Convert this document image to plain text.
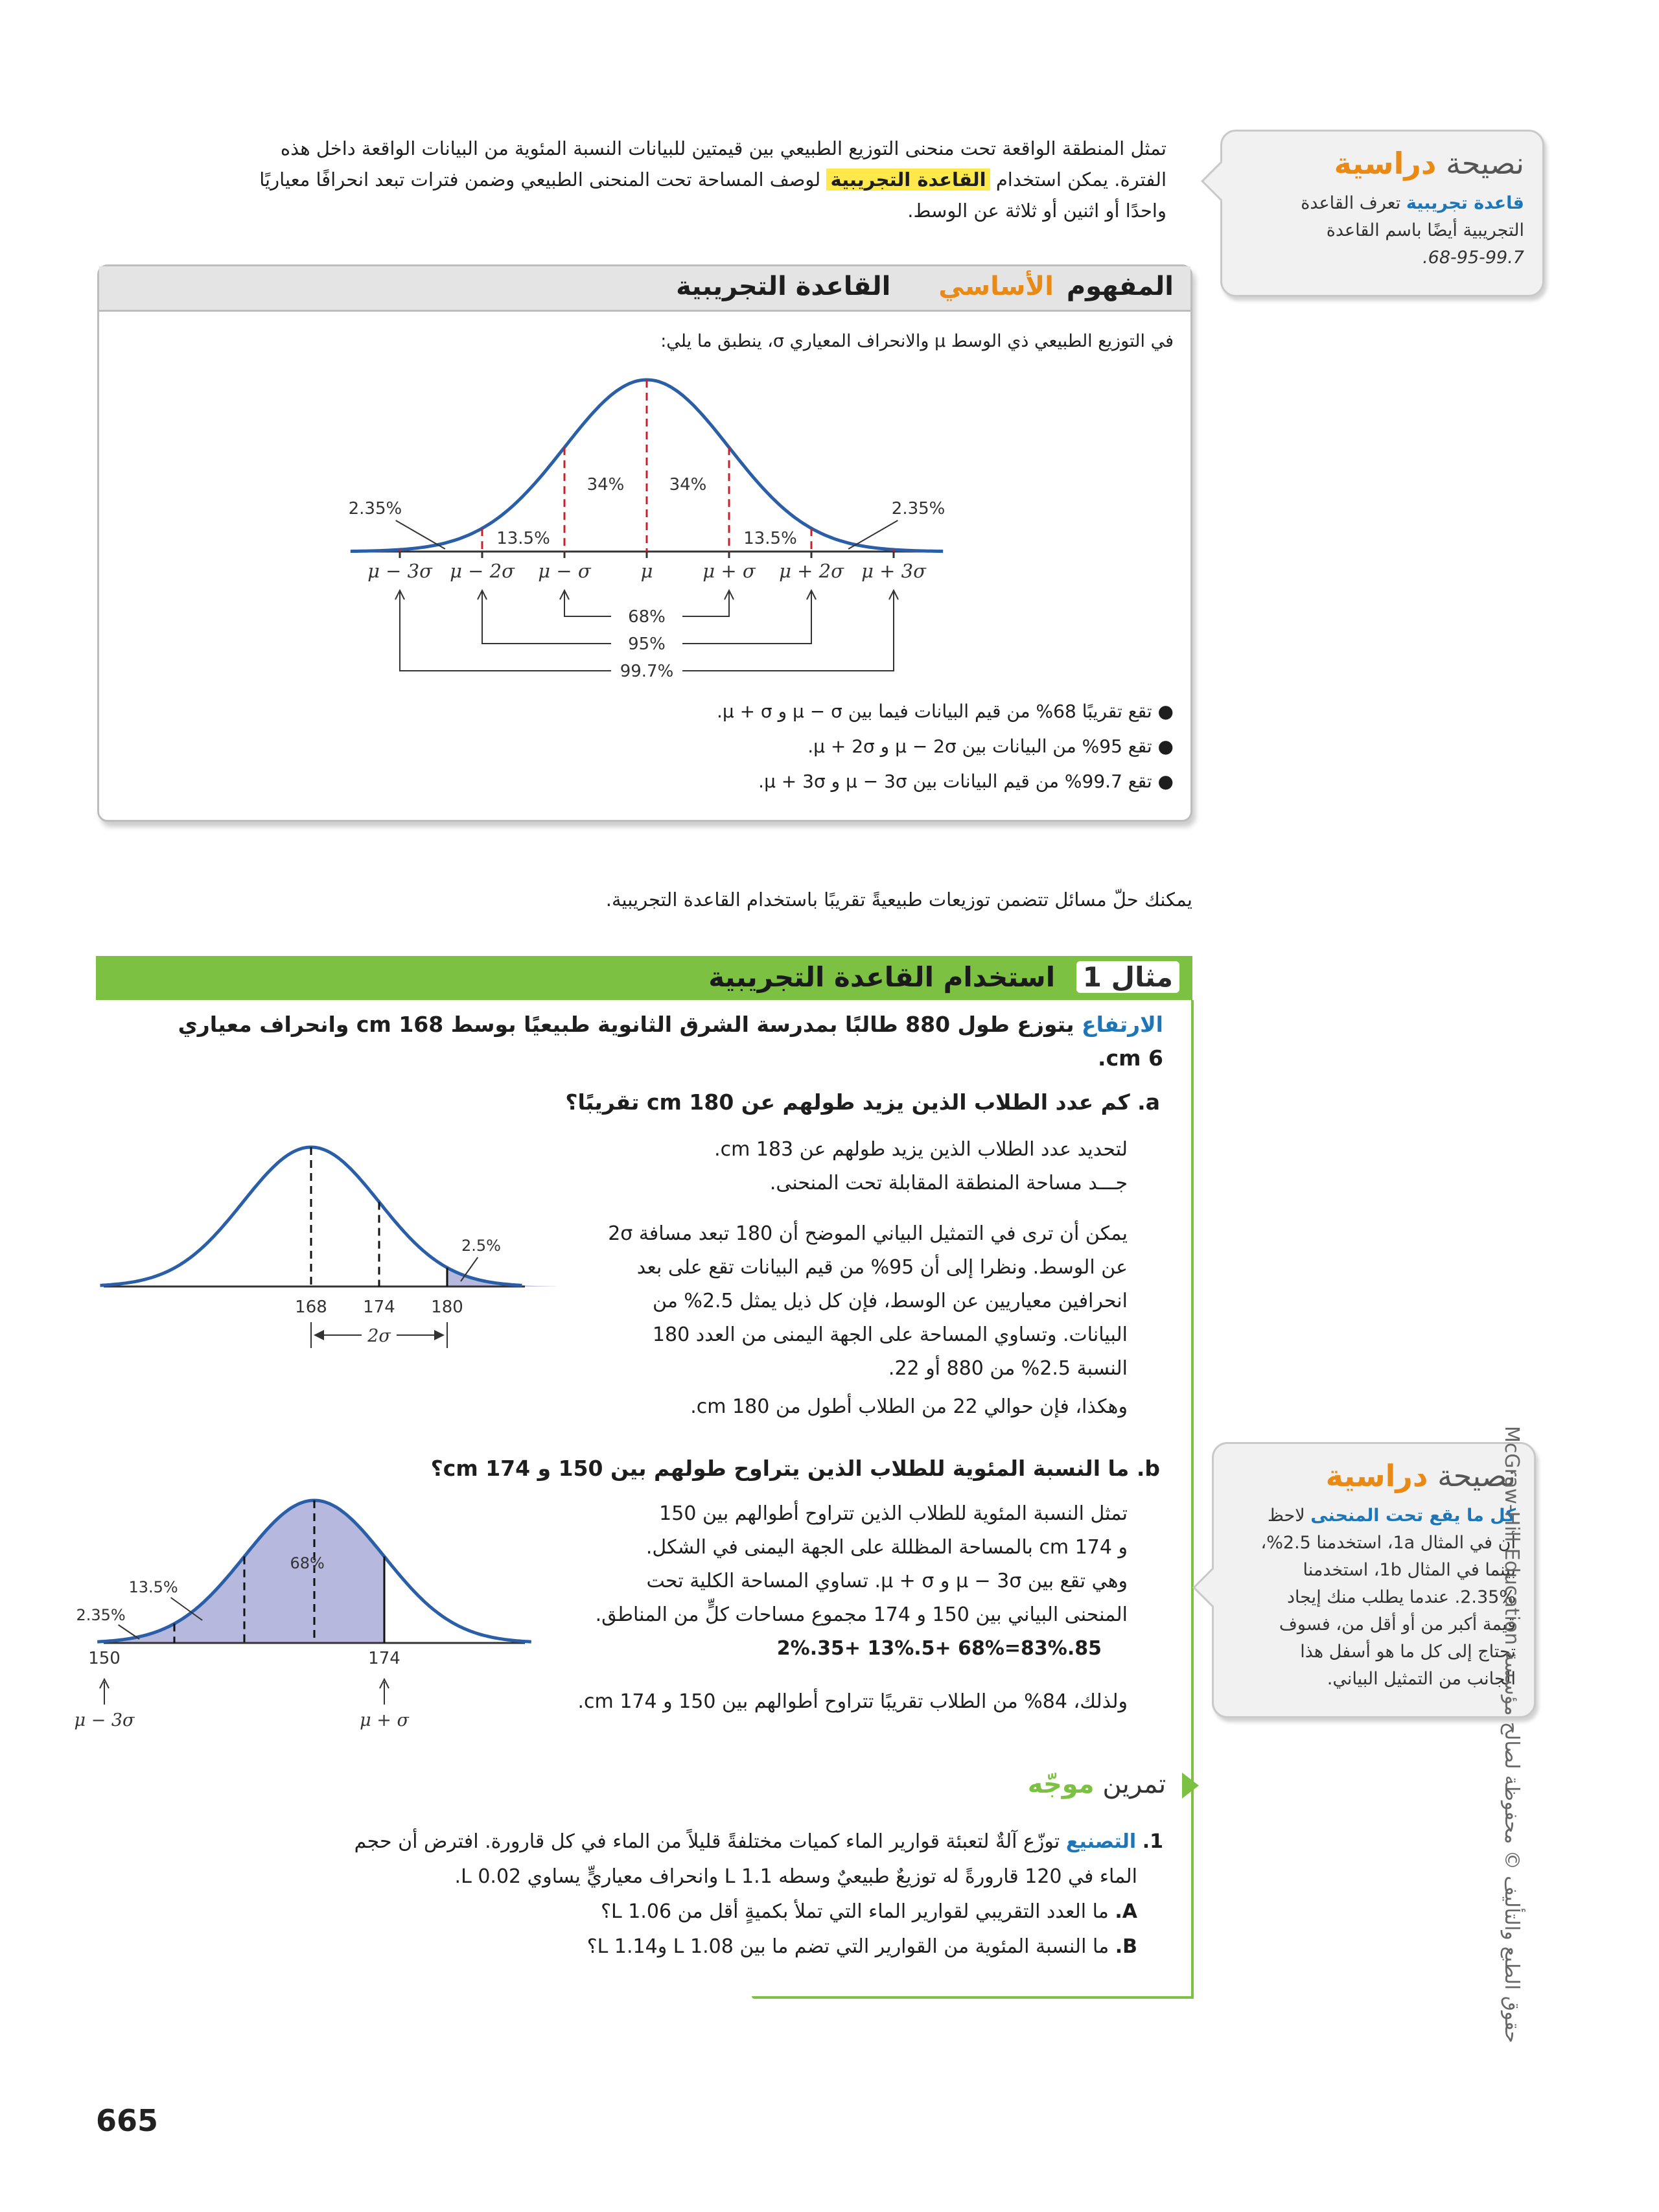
تمثل المنطقة الواقعة تحت منحنى التوزيع الطبيعي بين قيمتين للبيانات النسبة المئوية من البيانات الواقعة داخل هذه
الفترة. يمكن استخدام القاعدة التجريبية لوصف المساحة تحت المنحنى الطبيعي وضمن فترات تبعد انحرافًا معياريًا
واحدًا أو اثنين أو ثلاثة عن الوسط.
نصيحة دراسية
قاعدة تجريبية تعرف القاعدة
التجريبية أيضًا باسم القاعدة
68-95-99.7.
المفهوم الأساسي القاعدة التجريبية
في التوزيع الطبيعي ذي الوسط μ والانحراف المعياري σ، ينطبق ما يلي:
μ − 3σ μ − 2σ μ − σ	μ	μ + σ μ + 2σ μ + 3σ
34%	34%
13.5%	13.5%
2.35%	2.35%
68%
95%
99.7%
● تقع تقريبًا 68% من قيم البيانات فيما بين μ − σ و μ + σ.
● تقع 95% من البيانات بين μ − 2σ و μ + 2σ.
● تقع 99.7% من قيم البيانات بين μ − 3σ و μ + 3σ.
يمكنك حلّ مسائل تتضمن توزيعات طبيعيةً تقريبًا باستخدام القاعدة التجريبية.
مثال 1 استخدام القاعدة التجريبية
الارتفاع يتوزع طول 880 طالبًا بمدرسة الشرق الثانوية طبيعيًا بوسط 168 cm وانحراف معياري
6 cm.
a. كم عدد الطلاب الذين يزيد طولهم عن 180 cm تقريبًا؟
لتحديد عدد الطلاب الذين يزيد طولهم عن 183 cm.
جـــد مساحة المنطقة المقابلة تحت المنحنى.
يمكن أن ترى في التمثيل البياني الموضح أن 180 تبعد مسافة 2σ
عن الوسط. ونظرا إلى أن 95% من قيم البيانات تقع على بعد
انحرافين معياريين عن الوسط، فإن كل ذيل يمثل 2.5% من
البيانات. وتساوي المساحة على الجهة اليمنى من العدد 180
النسبة 2.5% من 880 أو 22.
وهكذا، فإن حوالي 22 من الطلاب أطول من 180 cm.
168 174 180
2.5%
2σ
b. ما النسبة المئوية للطلاب الذين يتراوح طولهم بين 150 و 174 cm؟
تمثل النسبة المئوية للطلاب الذين تتراوح أطوالهم بين 150
و 174 cm بالمساحة المظللة على الجهة اليمنى في الشكل.
وهي تقع بين μ − 3σ و μ + σ. تساوي المساحة الكلية تحت
المنحنى البياني بين 150 و 174 مجموع مساحات كلٍّ من المناطق.
2%.35+ 13%.5+ 68%=83%.85
ولذلك، 84% من الطلاب تقريبًا تتراوح أطوالهم بين 150 و 174 cm.
68%
13.5%
2.35%
150	174
μ − 3σ	μ + σ
نصيحة دراسية
كل ما يقع تحت المنحنى لاحظ
أن في المثال 1a، استخدمنا 2.5%،
بينما في المثال 1b، استخدمنا
2.35%. عندما يطلب منك إيجاد
قيمة أكبر من أو أقل من، فسوف
تحتاج إلى كل ما هو أسفل هذا
الجانب من التمثيل البياني.
تمرين موجّه
1. التصنيع توزّع آلةٌ لتعبئة قوارير الماء كميات مختلفةً قليلاً من الماء في كل قارورة. افترض أن حجم
الماء في 120 قارورةً له توزيعٌ طبيعيٌ وسطه 1.1 L وانحراف معياريٍّ يساوي 0.02 L.
A. ما العدد التقريبي لقوارير الماء التي تملأ بكميةٍ أقل من 1.06 L؟
B. ما النسبة المئوية من القوارير التي تضم ما بين 1.08 L و1.14 L؟
665
حقوق الطبع والتأليف © محفوظة لصالح مؤسسة McGraw-Hill Education
